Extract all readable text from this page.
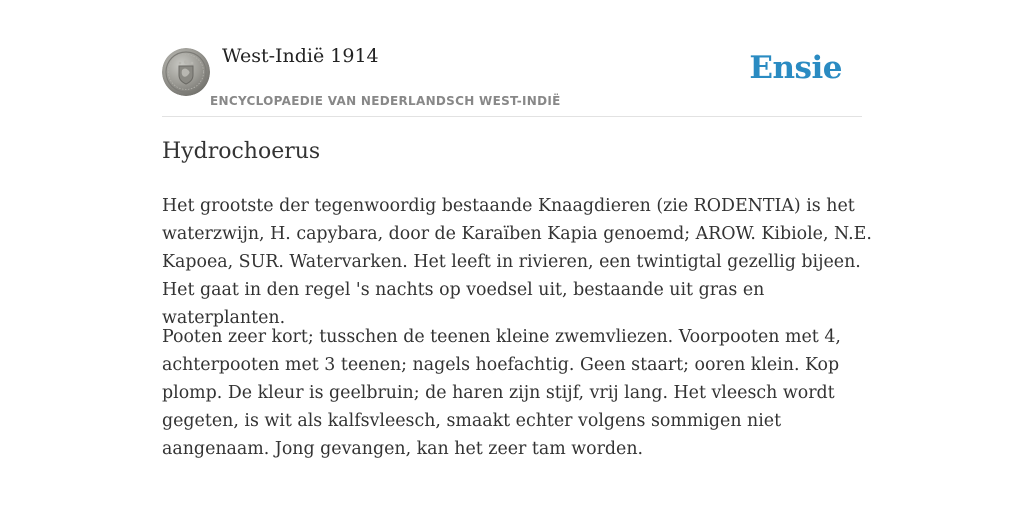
West-Indië 1914
ENCYCLOPAEDIE VAN NEDERLANDSCH WEST-INDIË
Ensie
Hydrochoerus

Het grootste der tegenwoordig bestaande Knaagdieren (zie RODENTIA) is het waterzwijn, H. capybara, door de Karaïben Kapia genoemd; AROW. Kibiole, N.E. Kapoea, SUR. Watervarken. Het leeft in rivieren, een twintigtal gezellig bijeen. Het gaat in den regel 's nachts op voedsel uit, bestaande uit gras en waterplanten.

Pooten zeer kort; tusschen de teenen kleine zwemvliezen. Voorpooten met 4, achterpooten met 3 teenen; nagels hoefachtig. Geen staart; ooren klein. Kop plomp. De kleur is geelbruin; de haren zijn stijf, vrij lang. Het vleesch wordt gegeten, is wit als kalfsvleesch, smaakt echter volgens sommigen niet aangenaam. Jong gevangen, kan het zeer tam worden.
